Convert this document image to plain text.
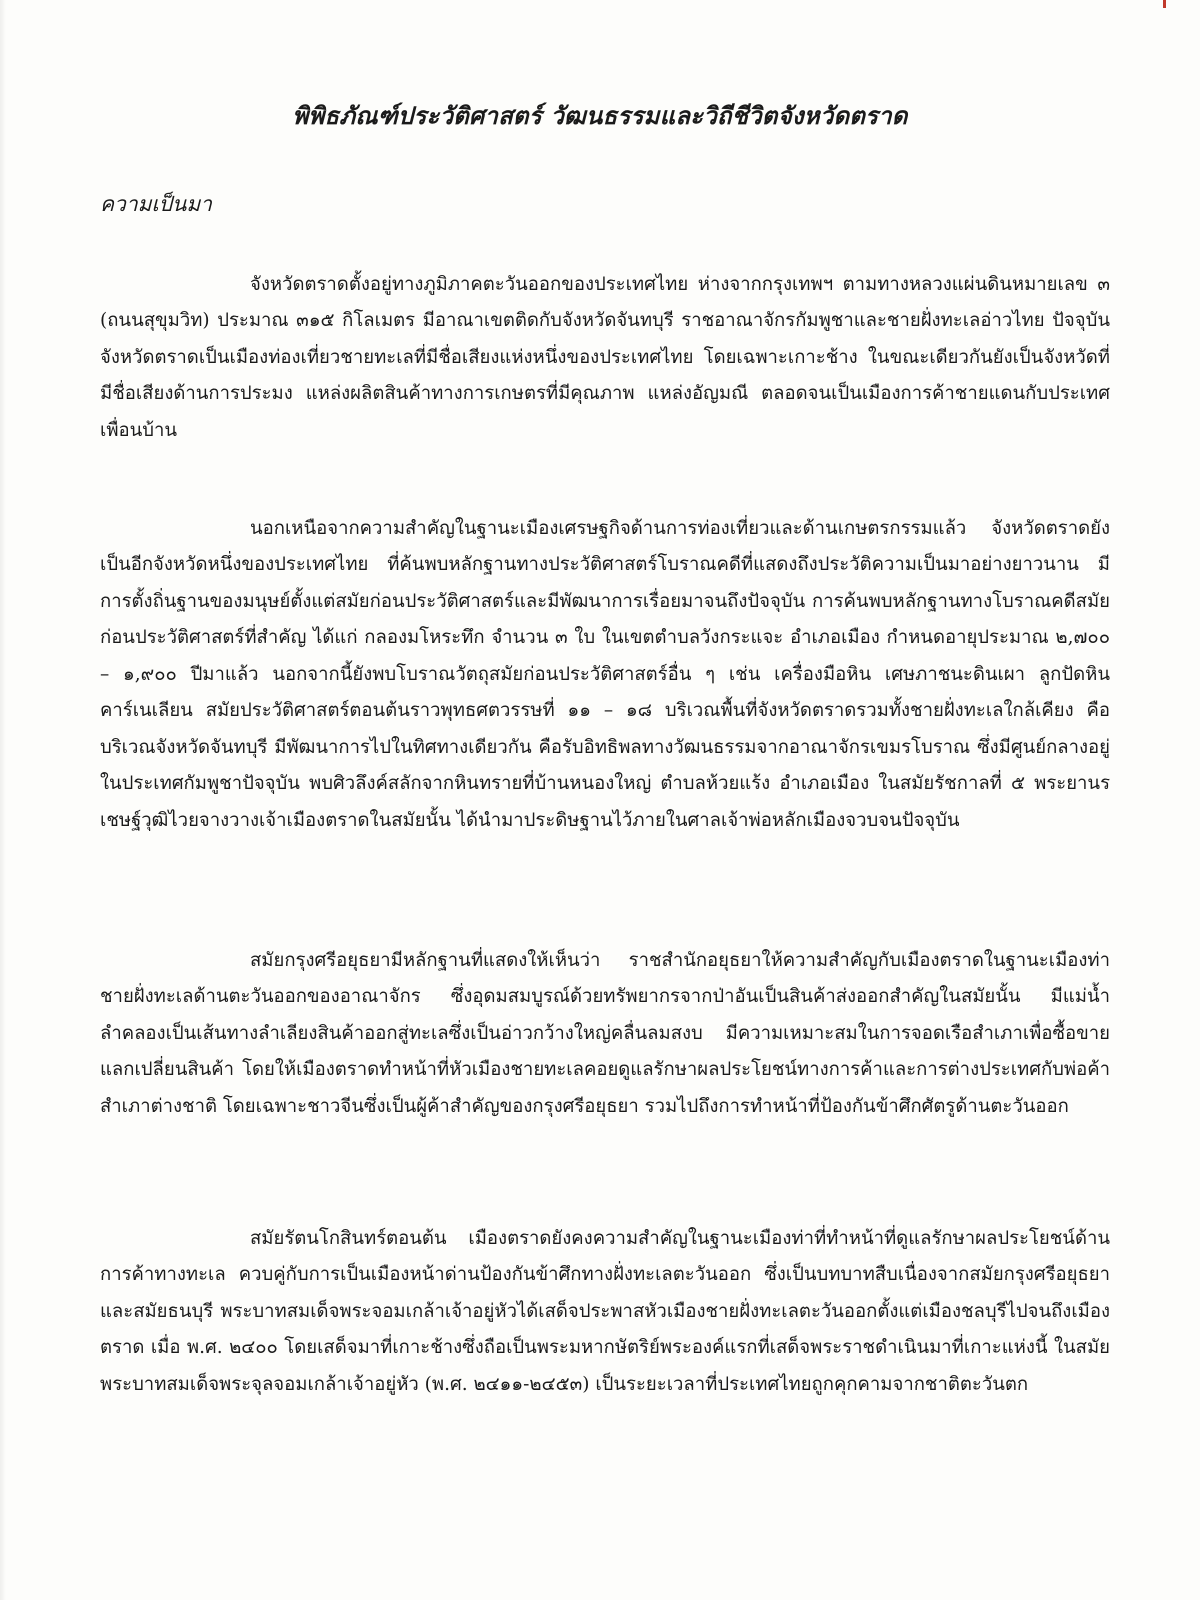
พิพิธภัณฑ์ประวัติศาสตร์ วัฒนธรรมและวิถีชีวิตจังหวัดตราด
ความเป็นมา

จังหวัดตราดตั้งอยู่ทางภูมิภาคตะวันออกของประเทศไทย ห่างจากกรุงเทพฯ ตามทางหลวงแผ่นดินหมายเลข ๓ (ถนนสุขุมวิท) ประมาณ ๓๑๕ กิโลเมตร มีอาณาเขตติดกับจังหวัดจันทบุรี ราชอาณาจักรกัมพูชาและชายฝั่งทะเลอ่าวไทย ปัจจุบันจังหวัดตราดเป็นเมืองท่องเที่ยวชายทะเลที่มีชื่อเสียงแห่งหนึ่งของประเทศไทย โดยเฉพาะเกาะช้าง ในขณะเดียวกันยังเป็นจังหวัดที่มีชื่อเสียงด้านการประมง แหล่งผลิตสินค้าทางการเกษตรที่มีคุณภาพ แหล่งอัญมณี ตลอดจนเป็นเมืองการค้าชายแดนกับประเทศเพื่อนบ้าน

นอกเหนือจากความสำคัญในฐานะเมืองเศรษฐกิจด้านการท่องเที่ยวและด้านเกษตรกรรมแล้ว จังหวัดตราดยังเป็นอีกจังหวัดหนึ่งของประเทศไทย ที่ค้นพบหลักฐานทางประวัติศาสตร์โบราณคดีที่แสดงถึงประวัติความเป็นมาอย่างยาวนาน มีการตั้งถิ่นฐานของมนุษย์ตั้งแต่สมัยก่อนประวัติศาสตร์และมีพัฒนาการเรื่อยมาจนถึงปัจจุบัน การค้นพบหลักฐานทางโบราณคดีสมัยก่อนประวัติศาสตร์ที่สำคัญ ได้แก่ กลองมโหระทึก จำนวน ๓ ใบ ในเขตตำบลวังกระแจะ อำเภอเมือง กำหนดอายุประมาณ ๒,๗๐๐ – ๑,๙๐๐ ปีมาแล้ว นอกจากนี้ยังพบโบราณวัตถุสมัยก่อนประวัติศาสตร์อื่น ๆ เช่น เครื่องมือหิน เศษภาชนะดินเผา ลูกปัดหินคาร์เนเลียน สมัยประวัติศาสตร์ตอนต้นราวพุทธศตวรรษที่ ๑๑ – ๑๘ บริเวณพื้นที่จังหวัดตราดรวมทั้งชายฝั่งทะเลใกล้เคียง คือบริเวณจังหวัดจันทบุรี มีพัฒนาการไปในทิศทางเดียวกัน คือรับอิทธิพลทางวัฒนธรรมจากอาณาจักรเขมรโบราณ ซึ่งมีศูนย์กลางอยู่ในประเทศกัมพูชาปัจจุบัน พบศิวลึงค์สลักจากหินทรายที่บ้านหนองใหญ่ ตำบลห้วยแร้ง อำเภอเมือง ในสมัยรัชกาลที่ ๕ พระยานรเชษฐ์วุฒิไวยจางวางเจ้าเมืองตราดในสมัยนั้น ได้นำมาประดิษฐานไว้ภายในศาลเจ้าพ่อหลักเมืองจวบจนปัจจุบัน

สมัยกรุงศรีอยุธยามีหลักฐานที่แสดงให้เห็นว่า ราชสำนักอยุธยาให้ความสำคัญกับเมืองตราดในฐานะเมืองท่าชายฝั่งทะเลด้านตะวันออกของอาณาจักร ซึ่งอุดมสมบูรณ์ด้วยทรัพยากรจากป่าอันเป็นสินค้าส่งออกสำคัญในสมัยนั้น มีแม่น้ำลำคลองเป็นเส้นทางลำเลียงสินค้าออกสู่ทะเลซึ่งเป็นอ่าวกว้างใหญ่คลื่นลมสงบ มีความเหมาะสมในการจอดเรือสำเภาเพื่อซื้อขายแลกเปลี่ยนสินค้า โดยให้เมืองตราดทำหน้าที่หัวเมืองชายทะเลคอยดูแลรักษาผลประโยชน์ทางการค้าและการต่างประเทศกับพ่อค้าสำเภาต่างชาติ โดยเฉพาะชาวจีนซึ่งเป็นผู้ค้าสำคัญของกรุงศรีอยุธยา รวมไปถึงการทำหน้าที่ป้องกันข้าศึกศัตรูด้านตะวันออก

สมัยรัตนโกสินทร์ตอนต้น เมืองตราดยังคงความสำคัญในฐานะเมืองท่าที่ทำหน้าที่ดูแลรักษาผลประโยชน์ด้านการค้าทางทะเล ควบคู่กับการเป็นเมืองหน้าด่านป้องกันข้าศึกทางฝั่งทะเลตะวันออก ซึ่งเป็นบทบาทสืบเนื่องจากสมัยกรุงศรีอยุธยาและสมัยธนบุรี พระบาทสมเด็จพระจอมเกล้าเจ้าอยู่หัวได้เสด็จประพาสหัวเมืองชายฝั่งทะเลตะวันออกตั้งแต่เมืองชลบุรีไปจนถึงเมืองตราด เมื่อ พ.ศ. ๒๔๐๐ โดยเสด็จมาที่เกาะช้างซึ่งถือเป็นพระมหากษัตริย์พระองค์แรกที่เสด็จพระราชดำเนินมาที่เกาะแห่งนี้ ในสมัยพระบาทสมเด็จพระจุลจอมเกล้าเจ้าอยู่หัว (พ.ศ. ๒๔๑๑-๒๔๕๓) เป็นระยะเวลาที่ประเทศไทยถูกคุกคามจากชาติตะวันตก
